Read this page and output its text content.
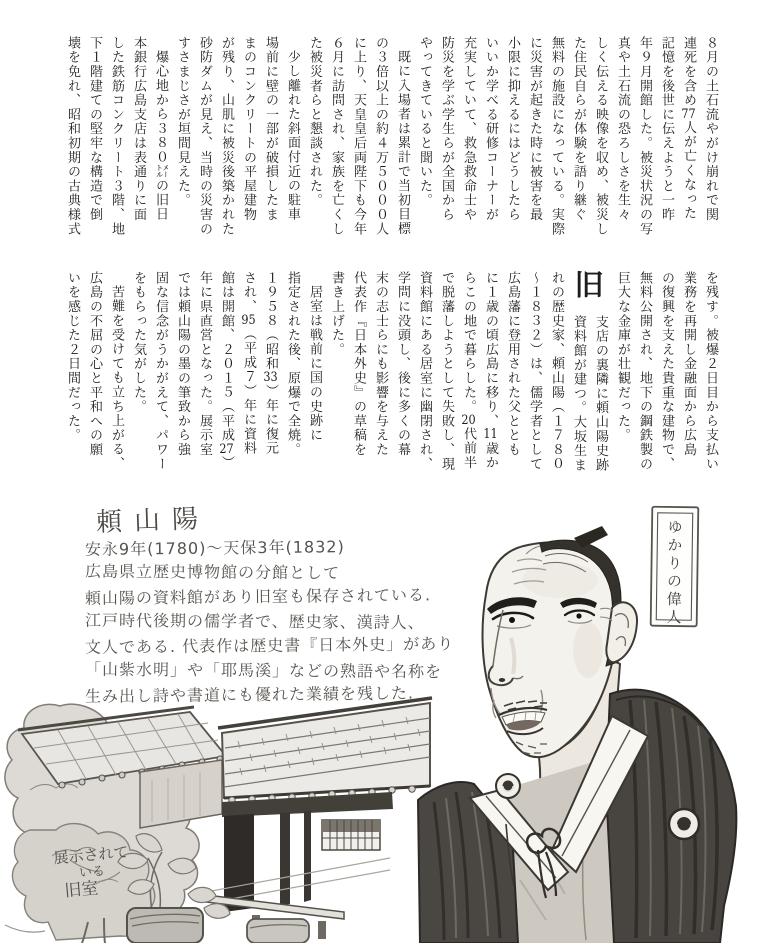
８月の土石流やがけ崩れで関
連死を含め77人が亡くなった
記憶を後世に伝えようと一昨
年９月開館した。被災状況の写
真や土石流の恐ろしさを生々
しく伝える映像を収め、被災し
た住民自らが体験を語り継ぐ
無料の施設になっている。実際
に災害が起きた時に被害を最
小限に抑えるにはどうしたら
いいか学べる研修コーナーが
充実していて、救急救命士や
防災を学ぶ学生らが全国から
やってきていると聞いた。
既に入場者は累計で当初目標
の３倍以上の約４万５０００人
に上り、天皇皇后両陛下も今年
６月に訪問され、家族を亡くし
た被災者らと懇談された。
少し離れた斜面付近の駐車
場前に壁の一部が破損したま
まのコンクリートの平屋建物
が残り、山肌に被災後築かれた
砂防ダムが見え、当時の災害の
すさまじさが垣間見えた。
爆心地から３８０㍍の旧日
本銀行広島支店は表通りに面
した鉄筋コンクリート３階、地
下１階建ての堅牢な構造で倒
壊を免れ、昭和初期の古典様式
を残す。被爆２日目から支払い
業務を再開し金融面から広島
の復興を支えた貴重な建物で、
無料公開され、地下の鋼鉄製の
巨大な金庫が壮観だった。
旧
支店の裏隣に頼山陽史跡
資料館が建つ。大坂生ま
れの歴史家、頼山陽（１７８０
～１８３２）は、儒学者として
広島藩に登用された父ととも
に１歳の頃広島に移り、11歳か
らこの地で暮らした。20代前半
で脱藩しようとして失敗し、現
資料館にある居室に幽閉され、
学問に没頭し、後に多くの幕
末の志士らにも影響を与えた
代表作『日本外史』の草稿を
書き上げた。
居室は戦前に国の史跡に
指定された後、原爆で全焼。
１９５８（昭和33）年に復元
され、95（平成７）年に資料
館は開館、２０１５（平成27）
年に県直営となった。展示室
では頼山陽の墨の筆致から強
固な信念がうかがえて、パワー
をもらった気がした。
苦難を受けても立ち上がる、
広島の不屈の心と平和への願
いを感じた２日間だった。
頼山陽
安永9年(1780)～天保3年(1832)
広島県立歴史博物館の分館として
頼山陽の資料館があり旧室も保存されている.
江戸時代後期の儒学者で、歴史家、漢詩人、
文人である. 代表作は歴史書『日本外史」があり
「山紫水明」や「耶馬溪」などの熟語や名称を
生み出し詩や書道にも優れた業績を残した.
ゆかりの偉人
展示されて
いる
旧室
